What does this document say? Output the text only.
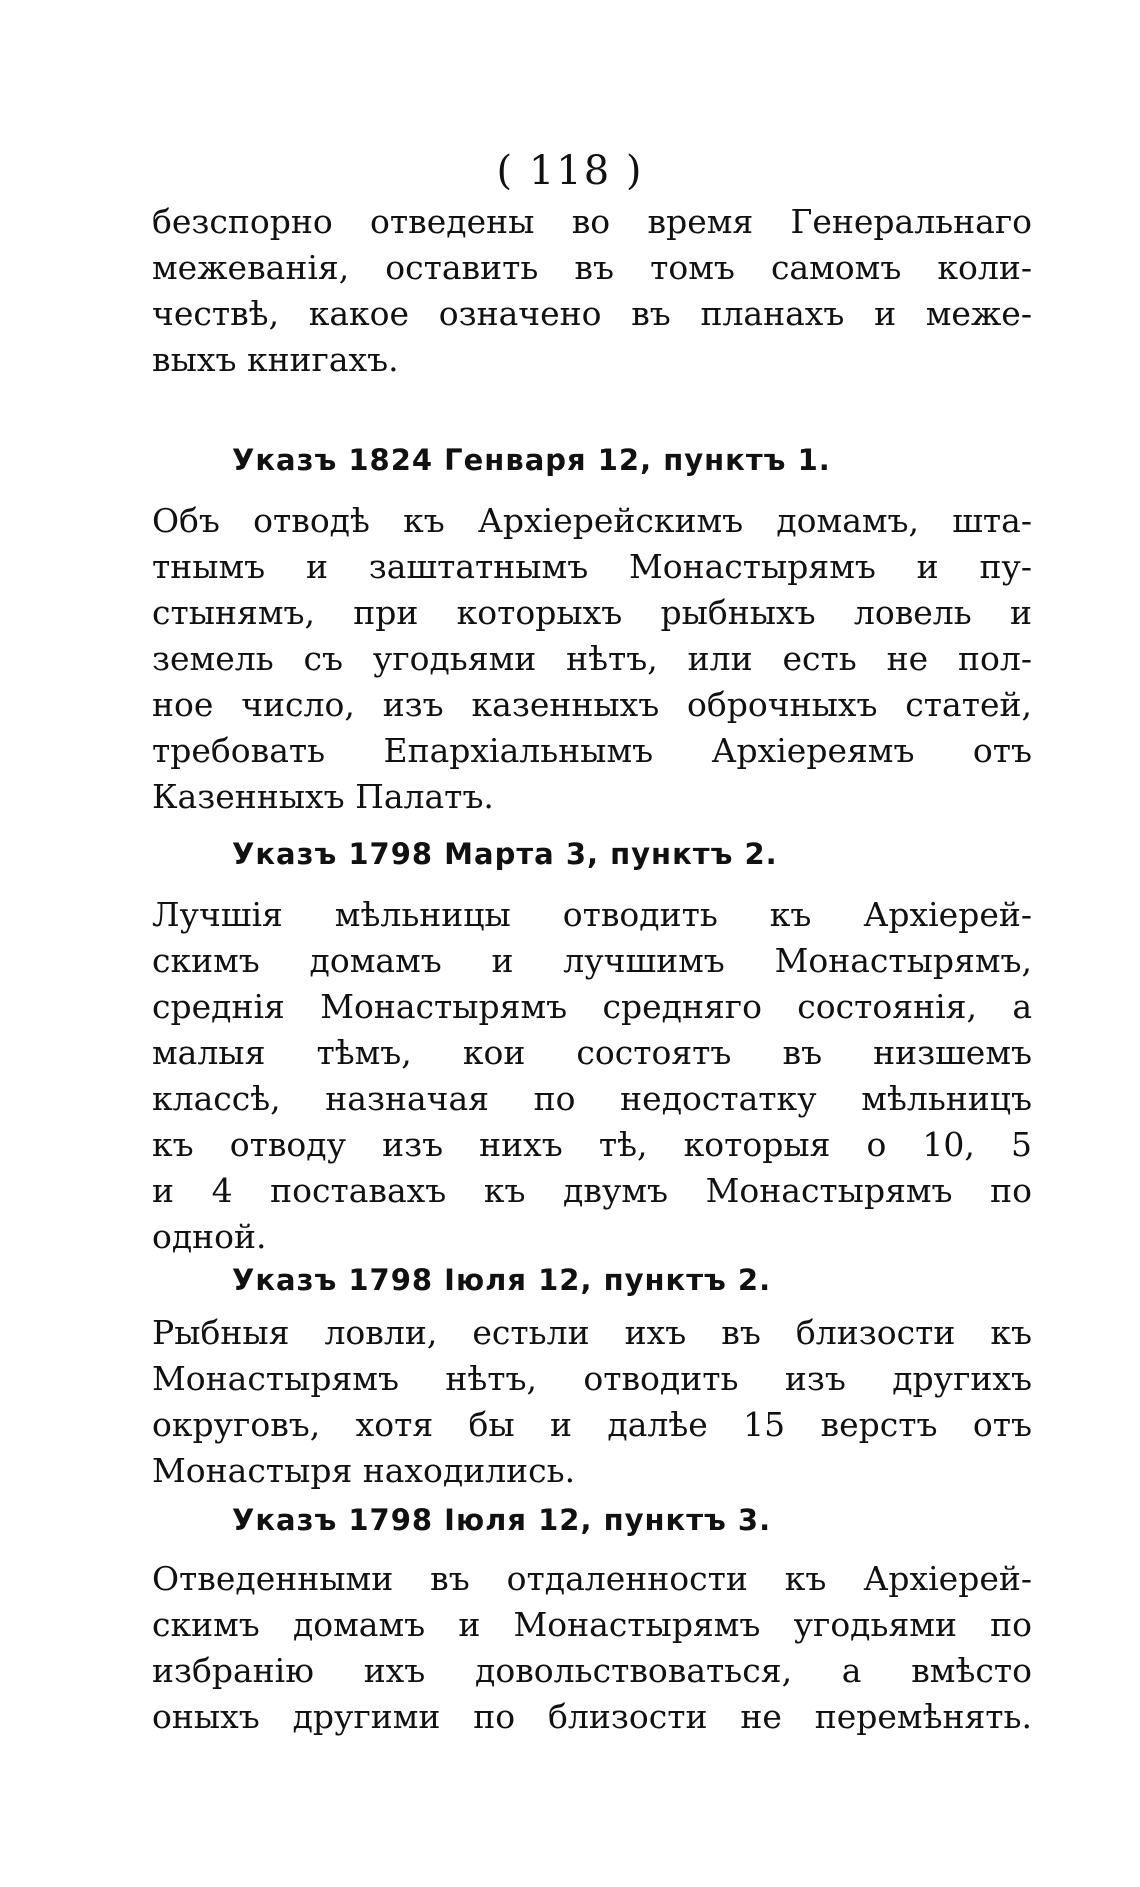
( 118 )
безспорно отведены во время Генеральнаго
межеванія, оставить въ томъ самомъ коли-
чествѣ, какое означено въ планахъ и меже-
выхъ книгахъ.
Указъ 1824 Генваря 12, пунктъ 1.
Объ отводѣ къ Архіерейскимъ домамъ, шта-
тнымъ и заштатнымъ Монастырямъ и пу-
стынямъ, при которыхъ рыбныхъ ловель и
земель съ угодьями нѣтъ, или есть не пол-
ное число, изъ казенныхъ оброчныхъ статей,
требовать Епархіальнымъ Архіереямъ отъ
Казенныхъ Палатъ.
Указъ 1798 Марта 3, пунктъ 2.
Лучшія мѣльницы отводить къ Архіерей-
скимъ домамъ и лучшимъ Монастырямъ,
среднія Монастырямъ средняго состоянія, а
малыя тѣмъ, кои состоятъ въ низшемъ
классѣ, назначая по недостатку мѣльницъ
къ отводу изъ нихъ тѣ, которыя о 10, 5
и 4 поставахъ къ двумъ Монастырямъ по
одной.
Указъ 1798 Іюля 12, пунктъ 2.
Рыбныя ловли, естьли ихъ въ близости къ
Монастырямъ нѣтъ, отводить изъ другихъ
округовъ, хотя бы и далѣе 15 верстъ отъ
Монастыря находились.
Указъ 1798 Іюля 12, пунктъ 3.
Отведенными въ отдаленности къ Архіерей-
скимъ домамъ и Монастырямъ угодьями по
избранію ихъ довольствоваться, а вмѣсто
оныхъ другими по близости не перемѣнять.
